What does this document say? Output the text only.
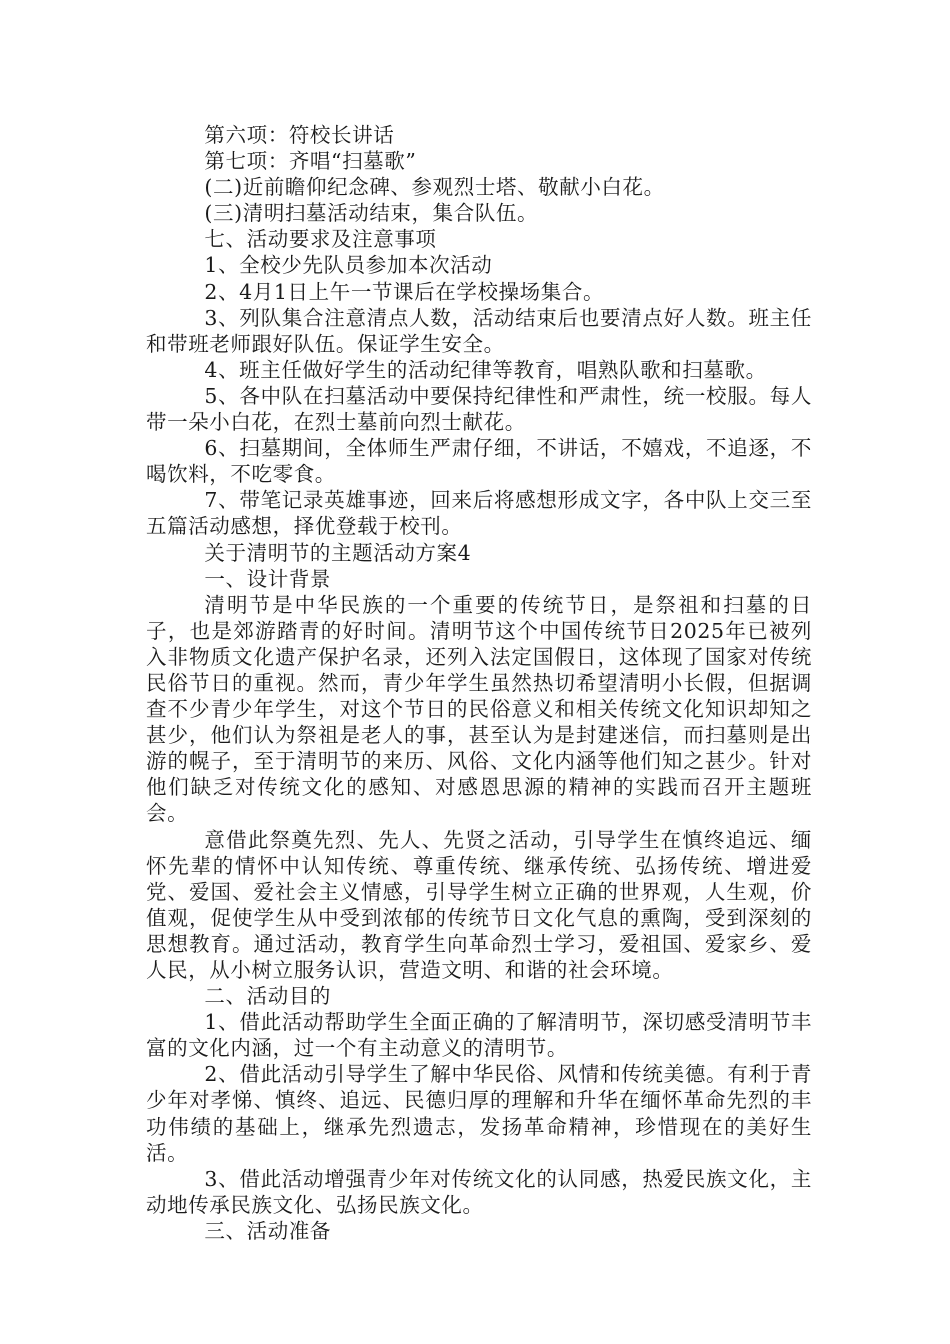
第六项：符校长讲话

第七项：齐唱“扫墓歌”

(二)近前瞻仰纪念碑、参观烈士塔、敬献小白花。

(三)清明扫墓活动结束，集合队伍。

七、活动要求及注意事项

1、全校少先队员参加本次活动

2、4月1日上午一节课后在学校操场集合。

3、列队集合注意清点人数，活动结束后也要清点好人数。班主任和带班老师跟好队伍。保证学生安全。

4、班主任做好学生的活动纪律等教育，唱熟队歌和扫墓歌。

5、各中队在扫墓活动中要保持纪律性和严肃性，统一校服。每人带一朵小白花，在烈士墓前向烈士献花。

6、扫墓期间，全体师生严肃仔细，不讲话，不嬉戏，不追逐，不喝饮料，不吃零食。

7、带笔记录英雄事迹，回来后将感想形成文字，各中队上交三至五篇活动感想，择优登载于校刊。

关于清明节的主题活动方案4

一、设计背景

清明节是中华民族的一个重要的传统节日，是祭祖和扫墓的日子，也是郊游踏青的好时间。清明节这个中国传统节日2025年已被列入非物质文化遗产保护名录，还列入法定国假日，这体现了国家对传统民俗节日的重视。然而，青少年学生虽然热切希望清明小长假，但据调查不少青少年学生，对这个节日的民俗意义和相关传统文化知识却知之甚少，他们认为祭祖是老人的事，甚至认为是封建迷信，而扫墓则是出游的幌子，至于清明节的来历、风俗、文化内涵等他们知之甚少。针对他们缺乏对传统文化的感知、对感恩思源的精神的实践而召开主题班会。

意借此祭奠先烈、先人、先贤之活动，引导学生在慎终追远、缅怀先辈的情怀中认知传统、尊重传统、继承传统、弘扬传统、增进爱党、爱国、爱社会主义情感，引导学生树立正确的世界观，人生观，价值观，促使学生从中受到浓郁的传统节日文化气息的熏陶，受到深刻的思想教育。通过活动，教育学生向革命烈士学习，爱祖国、爱家乡、爱人民，从小树立服务认识，营造文明、和谐的社会环境。

二、活动目的

1、借此活动帮助学生全面正确的了解清明节，深切感受清明节丰富的文化内涵，过一个有主动意义的清明节。

2、借此活动引导学生了解中华民俗、风情和传统美德。有利于青少年对孝悌、慎终、追远、民德归厚的理解和升华在缅怀革命先烈的丰功伟绩的基础上，继承先烈遗志，发扬革命精神，珍惜现在的美好生活。

3、借此活动增强青少年对传统文化的认同感，热爱民族文化，主动地传承民族文化、弘扬民族文化。

三、活动准备
